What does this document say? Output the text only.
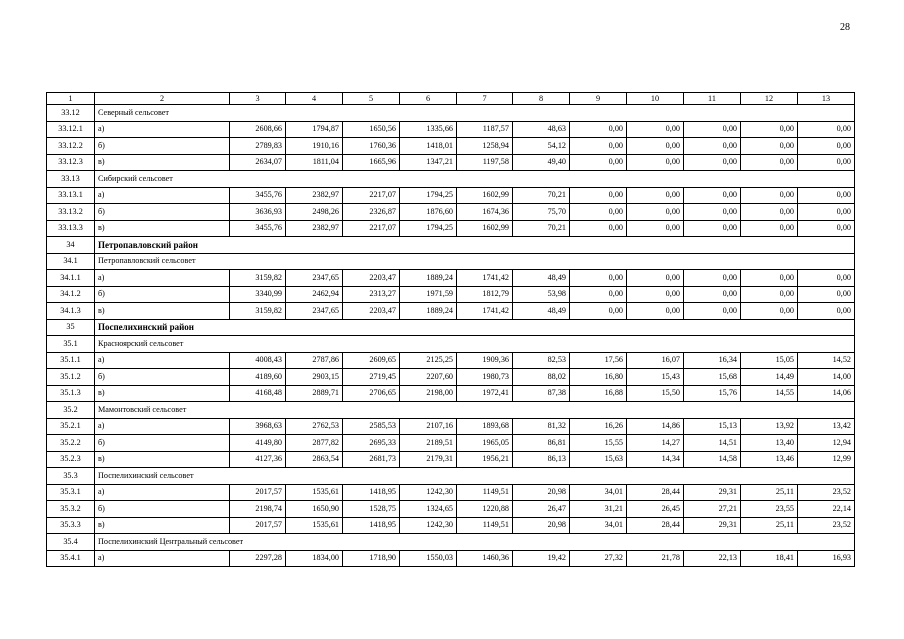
28
1	2	3	4	5	6	7	8	9	10	11	12	13
33.12	Северный сельсовет											
33.12.1	а)	2608,66	1794,87	1650,56	1335,66	1187,57	48,63	0,00	0,00	0,00	0,00	0,00
33.12.2	б)	2789,83	1910,16	1760,36	1418,01	1258,94	54,12	0,00	0,00	0,00	0,00	0,00
33.12.3	в)	2634,07	1811,04	1665,96	1347,21	1197,58	49,40	0,00	0,00	0,00	0,00	0,00
33.13	Сибирский сельсовет											
33.13.1	а)	3455,76	2382,97	2217,07	1794,25	1602,99	70,21	0,00	0,00	0,00	0,00	0,00
33.13.2	б)	3636,93	2498,26	2326,87	1876,60	1674,36	75,70	0,00	0,00	0,00	0,00	0,00
33.13.3	в)	3455,76	2382,97	2217,07	1794,25	1602,99	70,21	0,00	0,00	0,00	0,00	0,00
34	Петропавловский район											
34.1	Петропавловский сельсовет											
34.1.1	а)	3159,82	2347,65	2203,47	1889,24	1741,42	48,49	0,00	0,00	0,00	0,00	0,00
34.1.2	б)	3340,99	2462,94	2313,27	1971,59	1812,79	53,98	0,00	0,00	0,00	0,00	0,00
34.1.3	в)	3159,82	2347,65	2203,47	1889,24	1741,42	48,49	0,00	0,00	0,00	0,00	0,00
35	Поспелихинский район											
35.1	Красноярский сельсовет											
35.1.1	а)	4008,43	2787,86	2609,65	2125,25	1909,36	82,53	17,56	16,07	16,34	15,05	14,52
35.1.2	б)	4189,60	2903,15	2719,45	2207,60	1980,73	88,02	16,80	15,43	15,68	14,49	14,00
35.1.3	в)	4168,48	2889,71	2706,65	2198,00	1972,41	87,38	16,88	15,50	15,76	14,55	14,06
35.2	Мамонтовский сельсовет											
35.2.1	а)	3968,63	2762,53	2585,53	2107,16	1893,68	81,32	16,26	14,86	15,13	13,92	13,42
35.2.2	б)	4149,80	2877,82	2695,33	2189,51	1965,05	86,81	15,55	14,27	14,51	13,40	12,94
35.2.3	в)	4127,36	2863,54	2681,73	2179,31	1956,21	86,13	15,63	14,34	14,58	13,46	12,99
35.3	Поспелихинский сельсовет											
35.3.1	а)	2017,57	1535,61	1418,95	1242,30	1149,51	20,98	34,01	28,44	29,31	25,11	23,52
35.3.2	б)	2198,74	1650,90	1528,75	1324,65	1220,88	26,47	31,21	26,45	27,21	23,55	22,14
35.3.3	в)	2017,57	1535,61	1418,95	1242,30	1149,51	20,98	34,01	28,44	29,31	25,11	23,52
35.4	Поспелихинский Центральный сельсовет											
35.4.1	а)	2297,28	1834,00	1718,90	1550,03	1460,36	19,42	27,32	21,78	22,13	18,41	16,93
